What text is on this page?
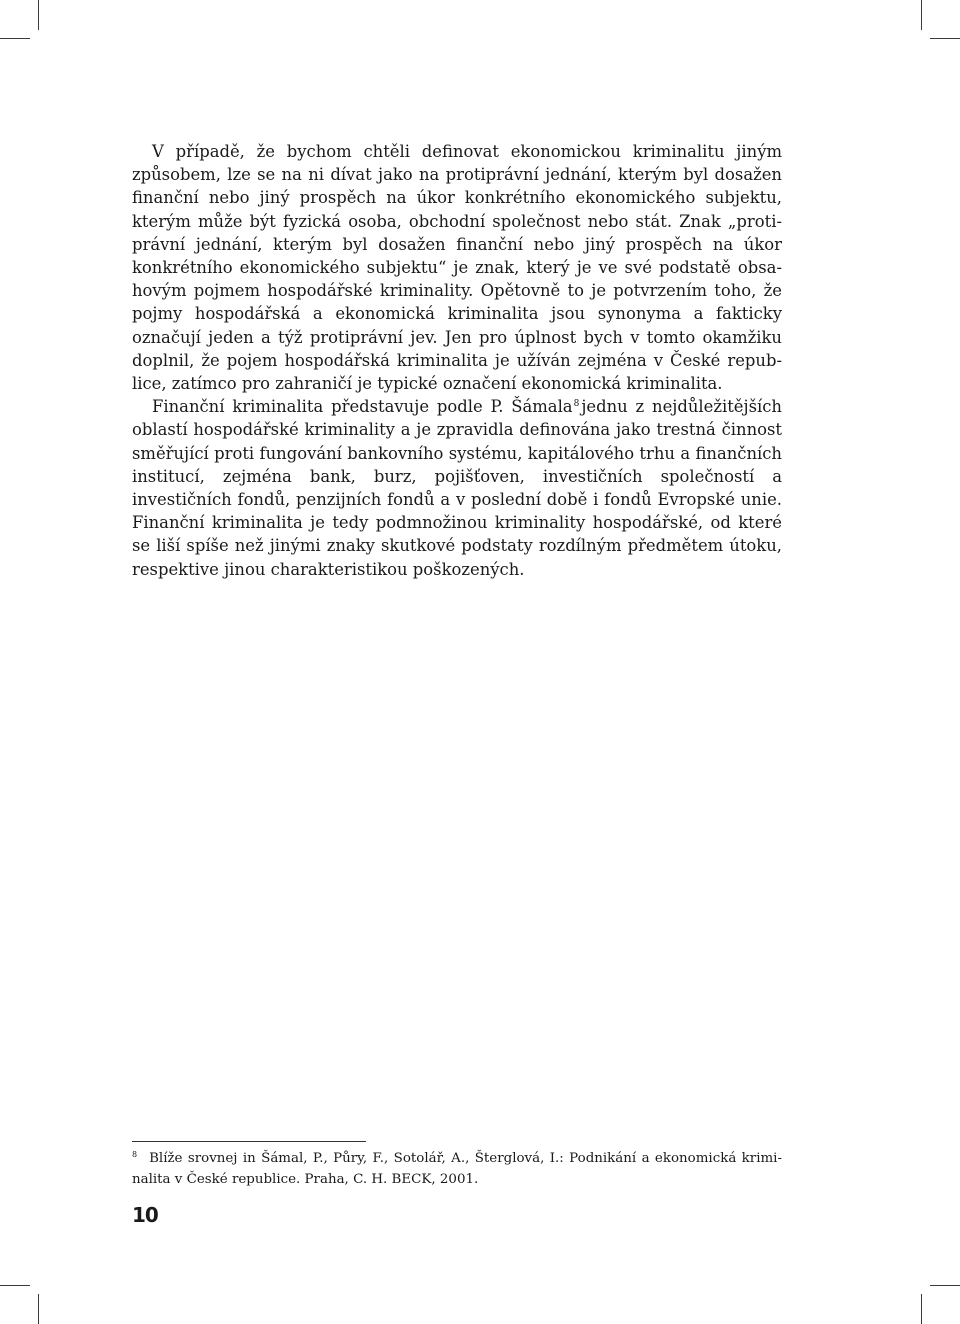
V případě, že bychom chtěli definovat ekonomickou kriminalitu jiným způsobem, lze se na ni dívat jako na protiprávní jednání, kterým byl dosažen finanční nebo jiný prospěch na úkor konkrétního ekonomického subjektu, kterým může být fyzická osoba, obchodní společnost nebo stát. Znak „protiprávní jednání, kterým byl dosažen finanční nebo jiný prospěch na úkor konkrétního ekonomického subjektu“ je znak, který je ve své podstatě obsahovým pojmem hospodářské kriminality. Opětovně to je potvrzením toho, že pojmy hospodářská a ekonomická kriminalita jsou synonyma a fakticky označují jeden a týž protiprávní jev. Jen pro úplnost bych v tomto okamžiku doplnil, že pojem hospodářská kriminalita je užíván zejména v České republice, zatímco pro zahraničí je typické označení ekonomická kriminalita.

Finanční kriminalita představuje podle P. Šámala$^8$ jednu z nejdůležitějších oblastí hospodářské kriminality a je zpravidla definována jako trestná činnost směřující proti fungování bankovního systému, kapitálového trhu a finančních institucí, zejména bank, burz, pojišťoven, investičních společností a investičních fondů, penzijních fondů a v poslední době i fondů Evropské unie. Finanční kriminalita je tedy podmnožinou kriminality hospodářské, od které se liší spíše než jinými znaky skutkové podstaty rozdílným předmětem útoku, respektive jinou charakteristikou poškozených.

$^8$ Blíže srovnej in Šámal, P., Půry, F., Sotolář, A., Šterglová, I.: Podnikání a ekonomická kriminalita v České republice. Praha, C. H. BECK, 2001.

10
